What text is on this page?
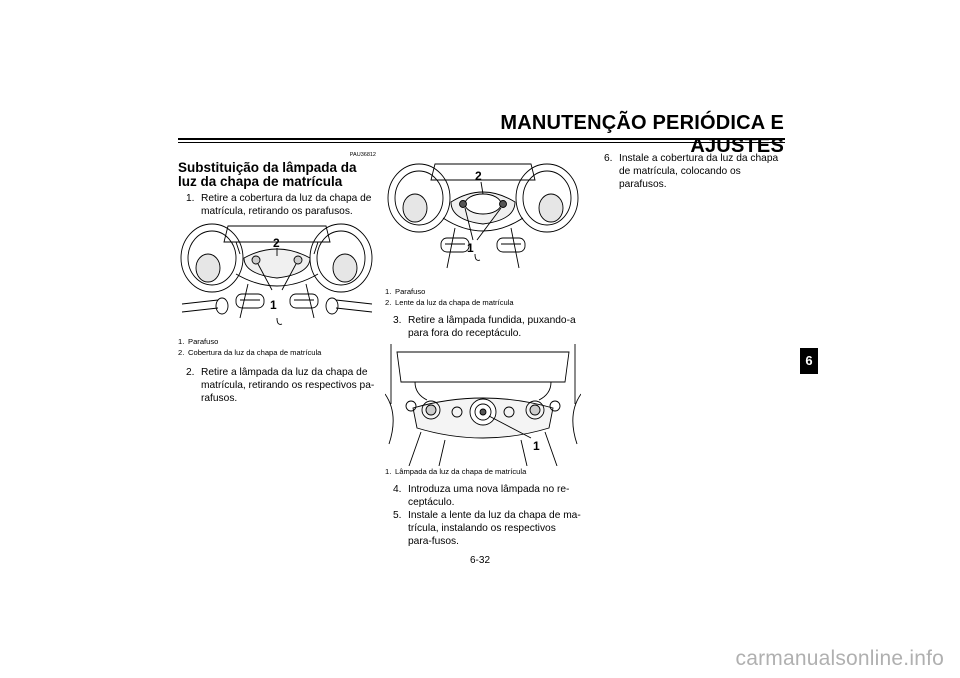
MANUTENÇÃO PERIÓDICA E AJUSTES
PAU36812
Substituição da lâmpada da luz da chapa de matrícula
1. Retire a cobertura da luz da chapa de matrícula, retirando os parafusos.
2
1
1. Parafuso
2. Cobertura da luz da chapa de matrícula
2. Retire a lâmpada da luz da chapa de matrícula, retirando os respectivos pa-rafusos.
2
1
1. Parafuso
2. Lente da luz da chapa de matrícula
3. Retire a lâmpada fundida, puxando-a para fora do receptáculo.
1
1. Lâmpada da luz da chapa de matrícula
4. Introduza uma nova lâmpada no re-ceptáculo.
5. Instale a lente da luz da chapa de ma-trícula, instalando os respectivos para-fusos.
6. Instale a cobertura da luz da chapa de matrícula, colocando os parafusos.
6
6-32
carmanualsonline.info
